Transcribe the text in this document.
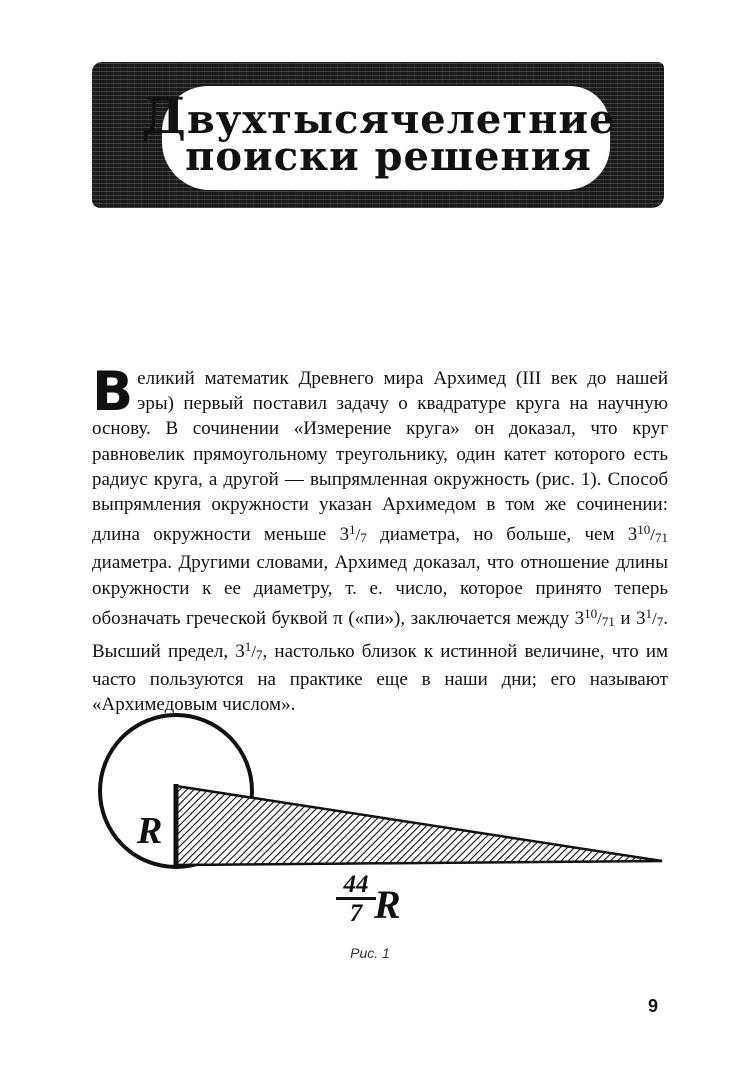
Двухтысячелетние
поиски решения
Великий математик Древнего мира Архимед (III век до нашей эры) первый поставил задачу о квадратуре круга на научную основу. В сочинении «Измерение круга» он доказал, что круг равновелик прямоугольному треугольнику, один катет которого есть радиус круга, а другой — выпрямленная окружность (рис. 1). Способ выпрямления окружности указан Архимедом в том же сочинении: длина окружности меньше $3^1/7$ диаметра, но больше, чем $3^{10}/71$ диаметра. Другими словами, Архимед доказал, что отношение длины окружности к ее диаметру, т. е. число, которое принято теперь обозначать греческой буквой π («пи»), заключается между $3^{10}/71$ и $3^1/7$. Высший предел, $3^1/7$, настолько близок к истинной величине, что им часто пользуются на практике еще в наши дни; его называют «Архимедовым числом».
R
$\frac{44}{7}$
R
Рис. 1
9
